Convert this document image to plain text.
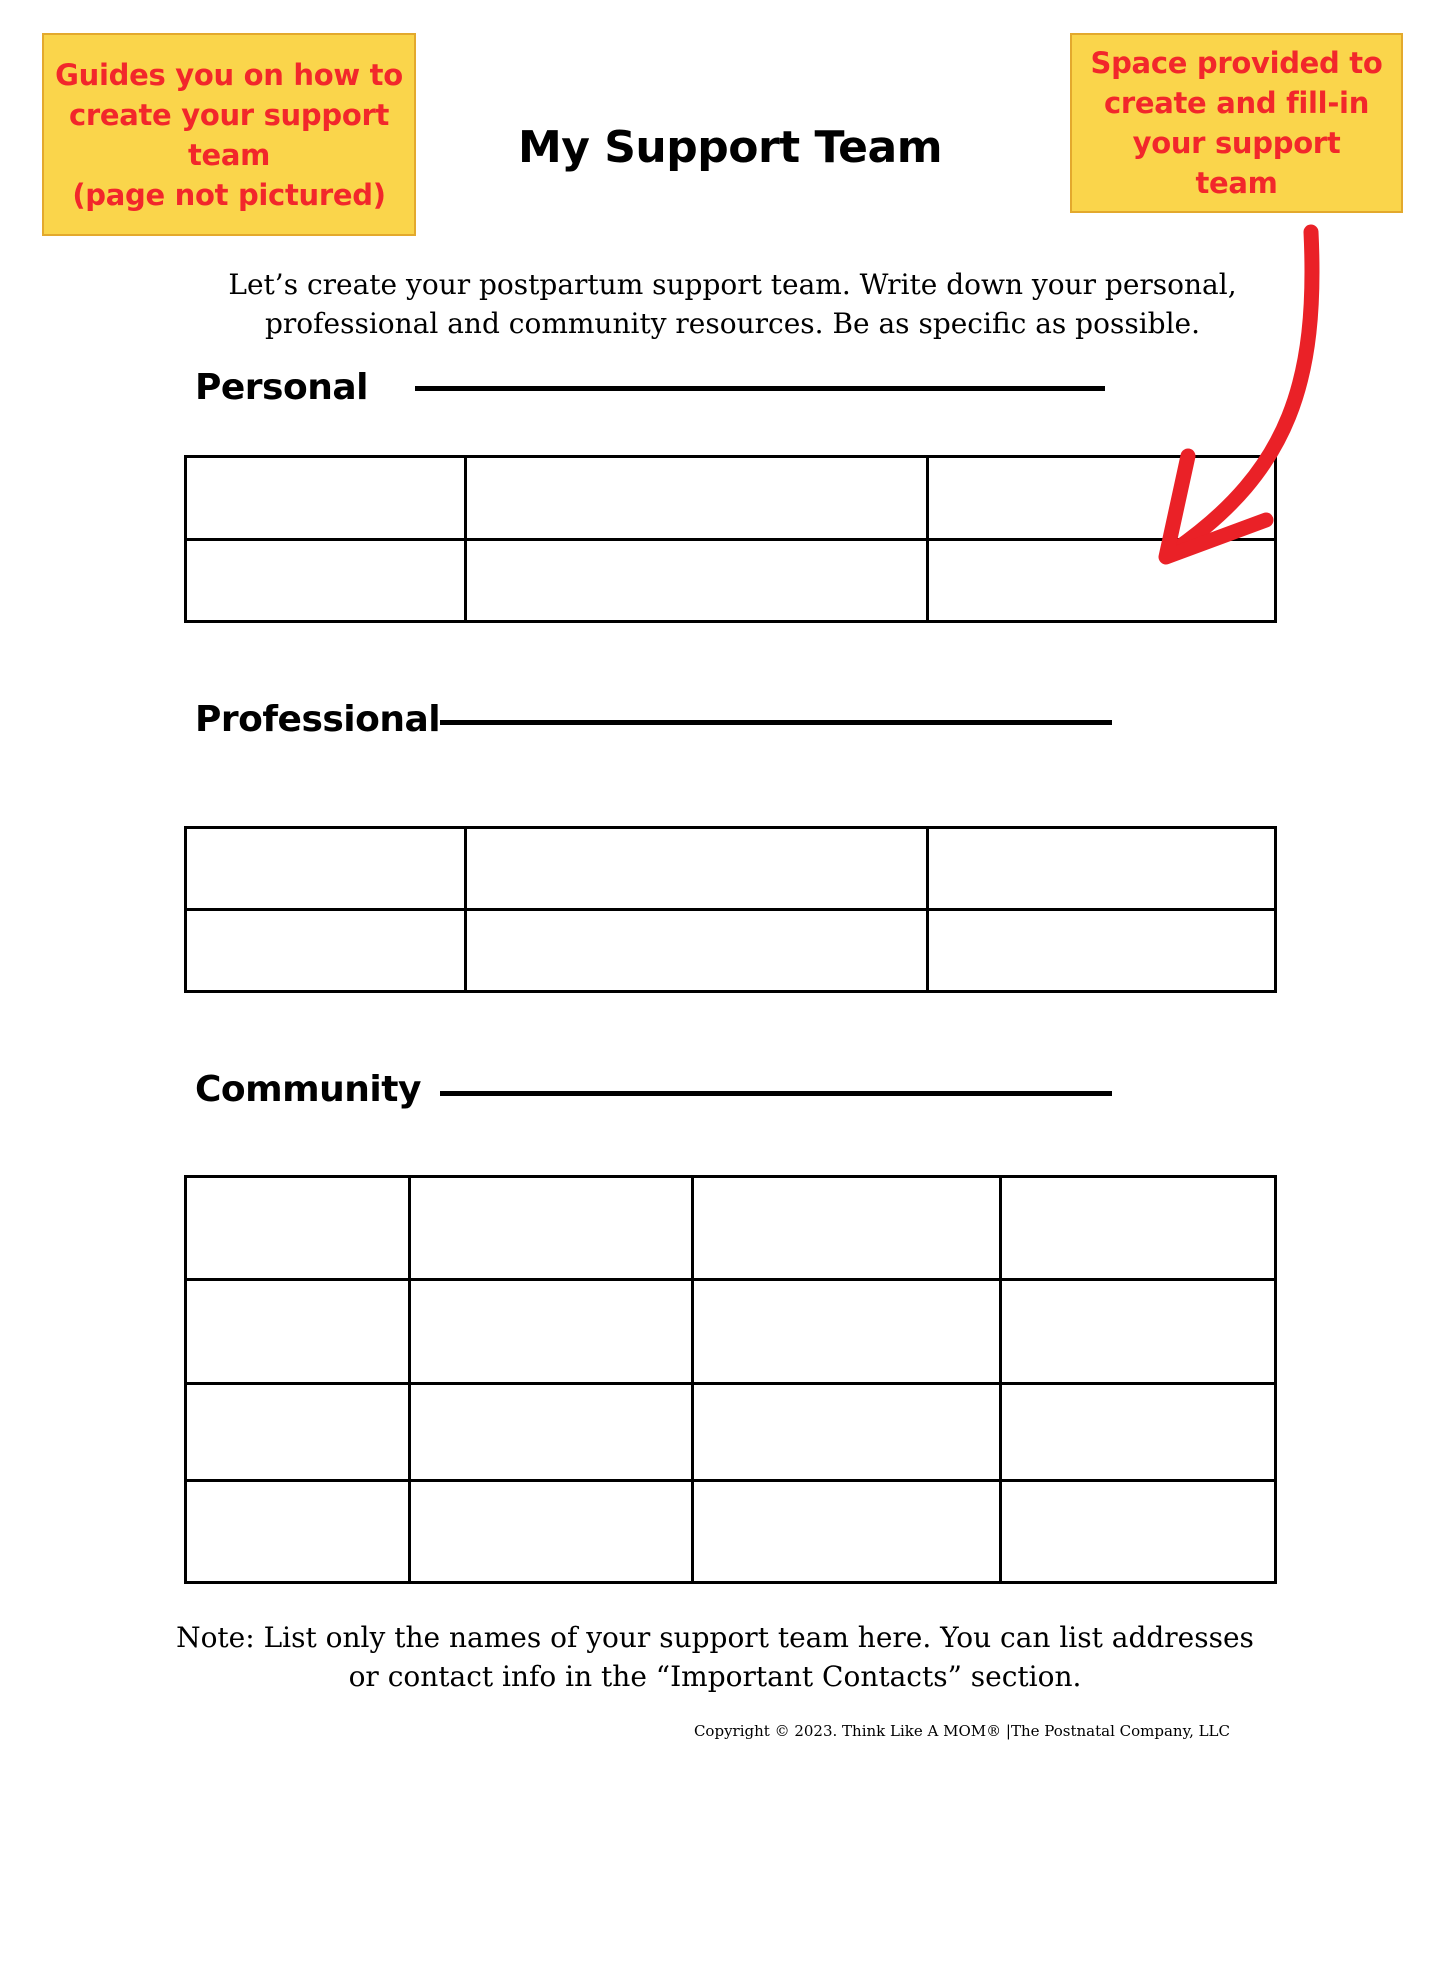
Guides you on how to
create your support
team
(page not pictured)
Space provided to
create and fill-in
your support
team
My Support Team
Let’s create your postpartum support team. Write down your personal,
professional and community resources. Be as specific as possible.
Personal

Professional

Community

Note: List only the names of your support team here. You can list addresses
or contact info in the “Important Contacts” section.
Copyright © 2023. Think Like A MOM® |The Postnatal Company, LLC
